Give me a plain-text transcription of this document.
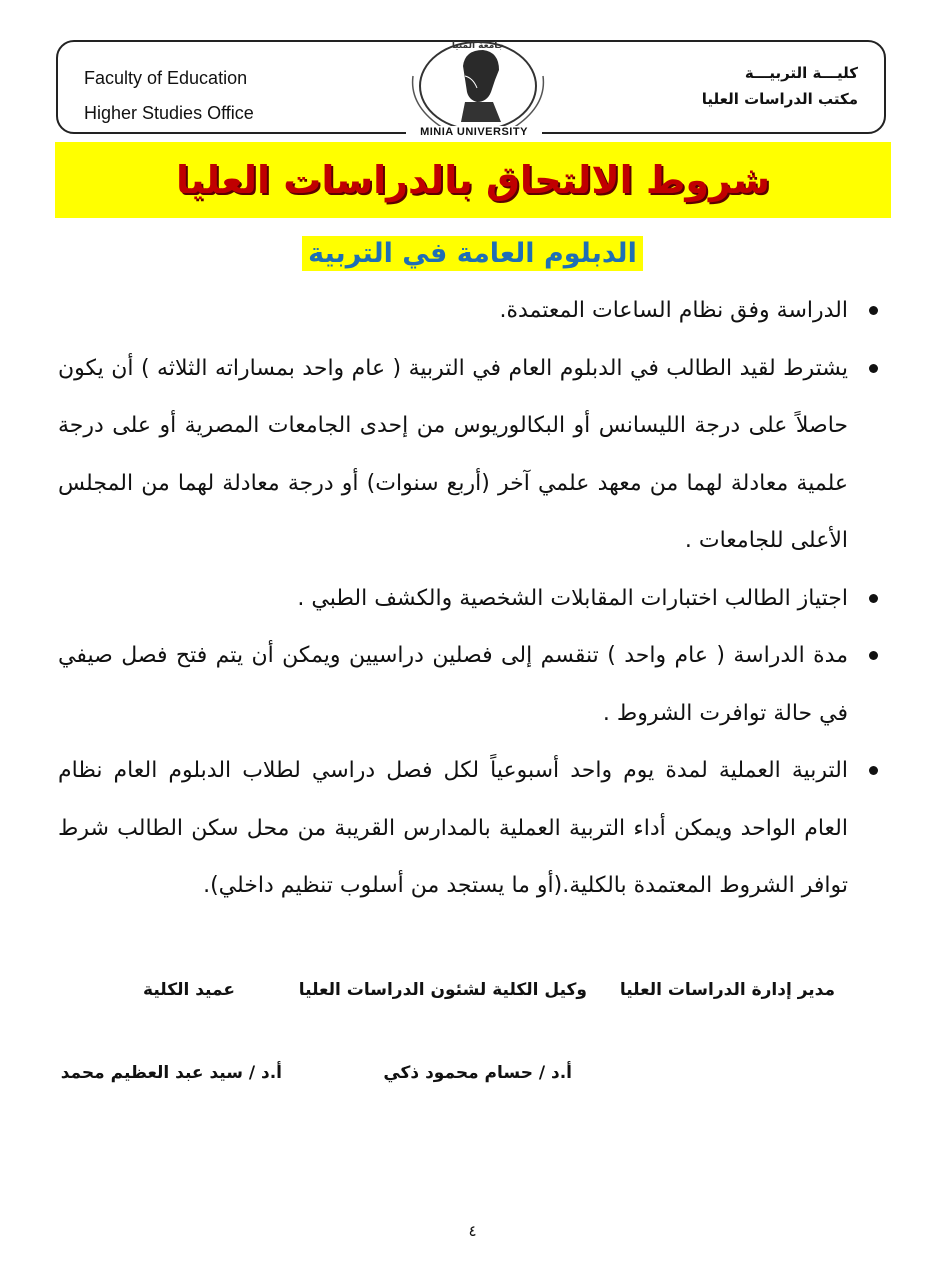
Faculty of Education
Higher Studies Office
كليـــة التربيـــة
مكتب الدراسات العليا
جامعة المنيا
MINIA UNIVERSITY
شروط الالتحاق بالدراسات العليا
الدبلوم العامة في التربية
الدراسة وفق نظام الساعات المعتمدة.
يشترط لقيد الطالب في الدبلوم العام في التربية ( عام واحد بمساراته الثلاثه ) أن يكون حاصلاً على درجة الليسانس أو البكالوريوس من إحدى الجامعات المصرية أو على درجة علمية معادلة لهما من معهد علمي آخر (أربع سنوات) أو درجة معادلة لهما من المجلس الأعلى للجامعات .
اجتياز الطالب اختبارات المقابلات الشخصية والكشف الطبي .
مدة الدراسة ( عام واحد ) تنقسم إلى فصلين دراسيين ويمكن أن يتم فتح فصل صيفي في حالة توافرت الشروط .
التربية العملية لمدة يوم واحد أسبوعياً لكل فصل دراسي لطلاب الدبلوم العام نظام العام الواحد ويمكن أداء التربية العملية بالمدارس القريبة من محل سكن الطالب شرط توافر الشروط المعتمدة بالكلية.(أو ما يستجد من أسلوب تنظيم داخلي).
مدير إدارة الدراسات العليا
وكيل الكلية لشئون الدراسات العليا
عميد الكلية
أ.د / حسام محمود ذكي
أ.د / سيد عبد العظيم محمد
٤
